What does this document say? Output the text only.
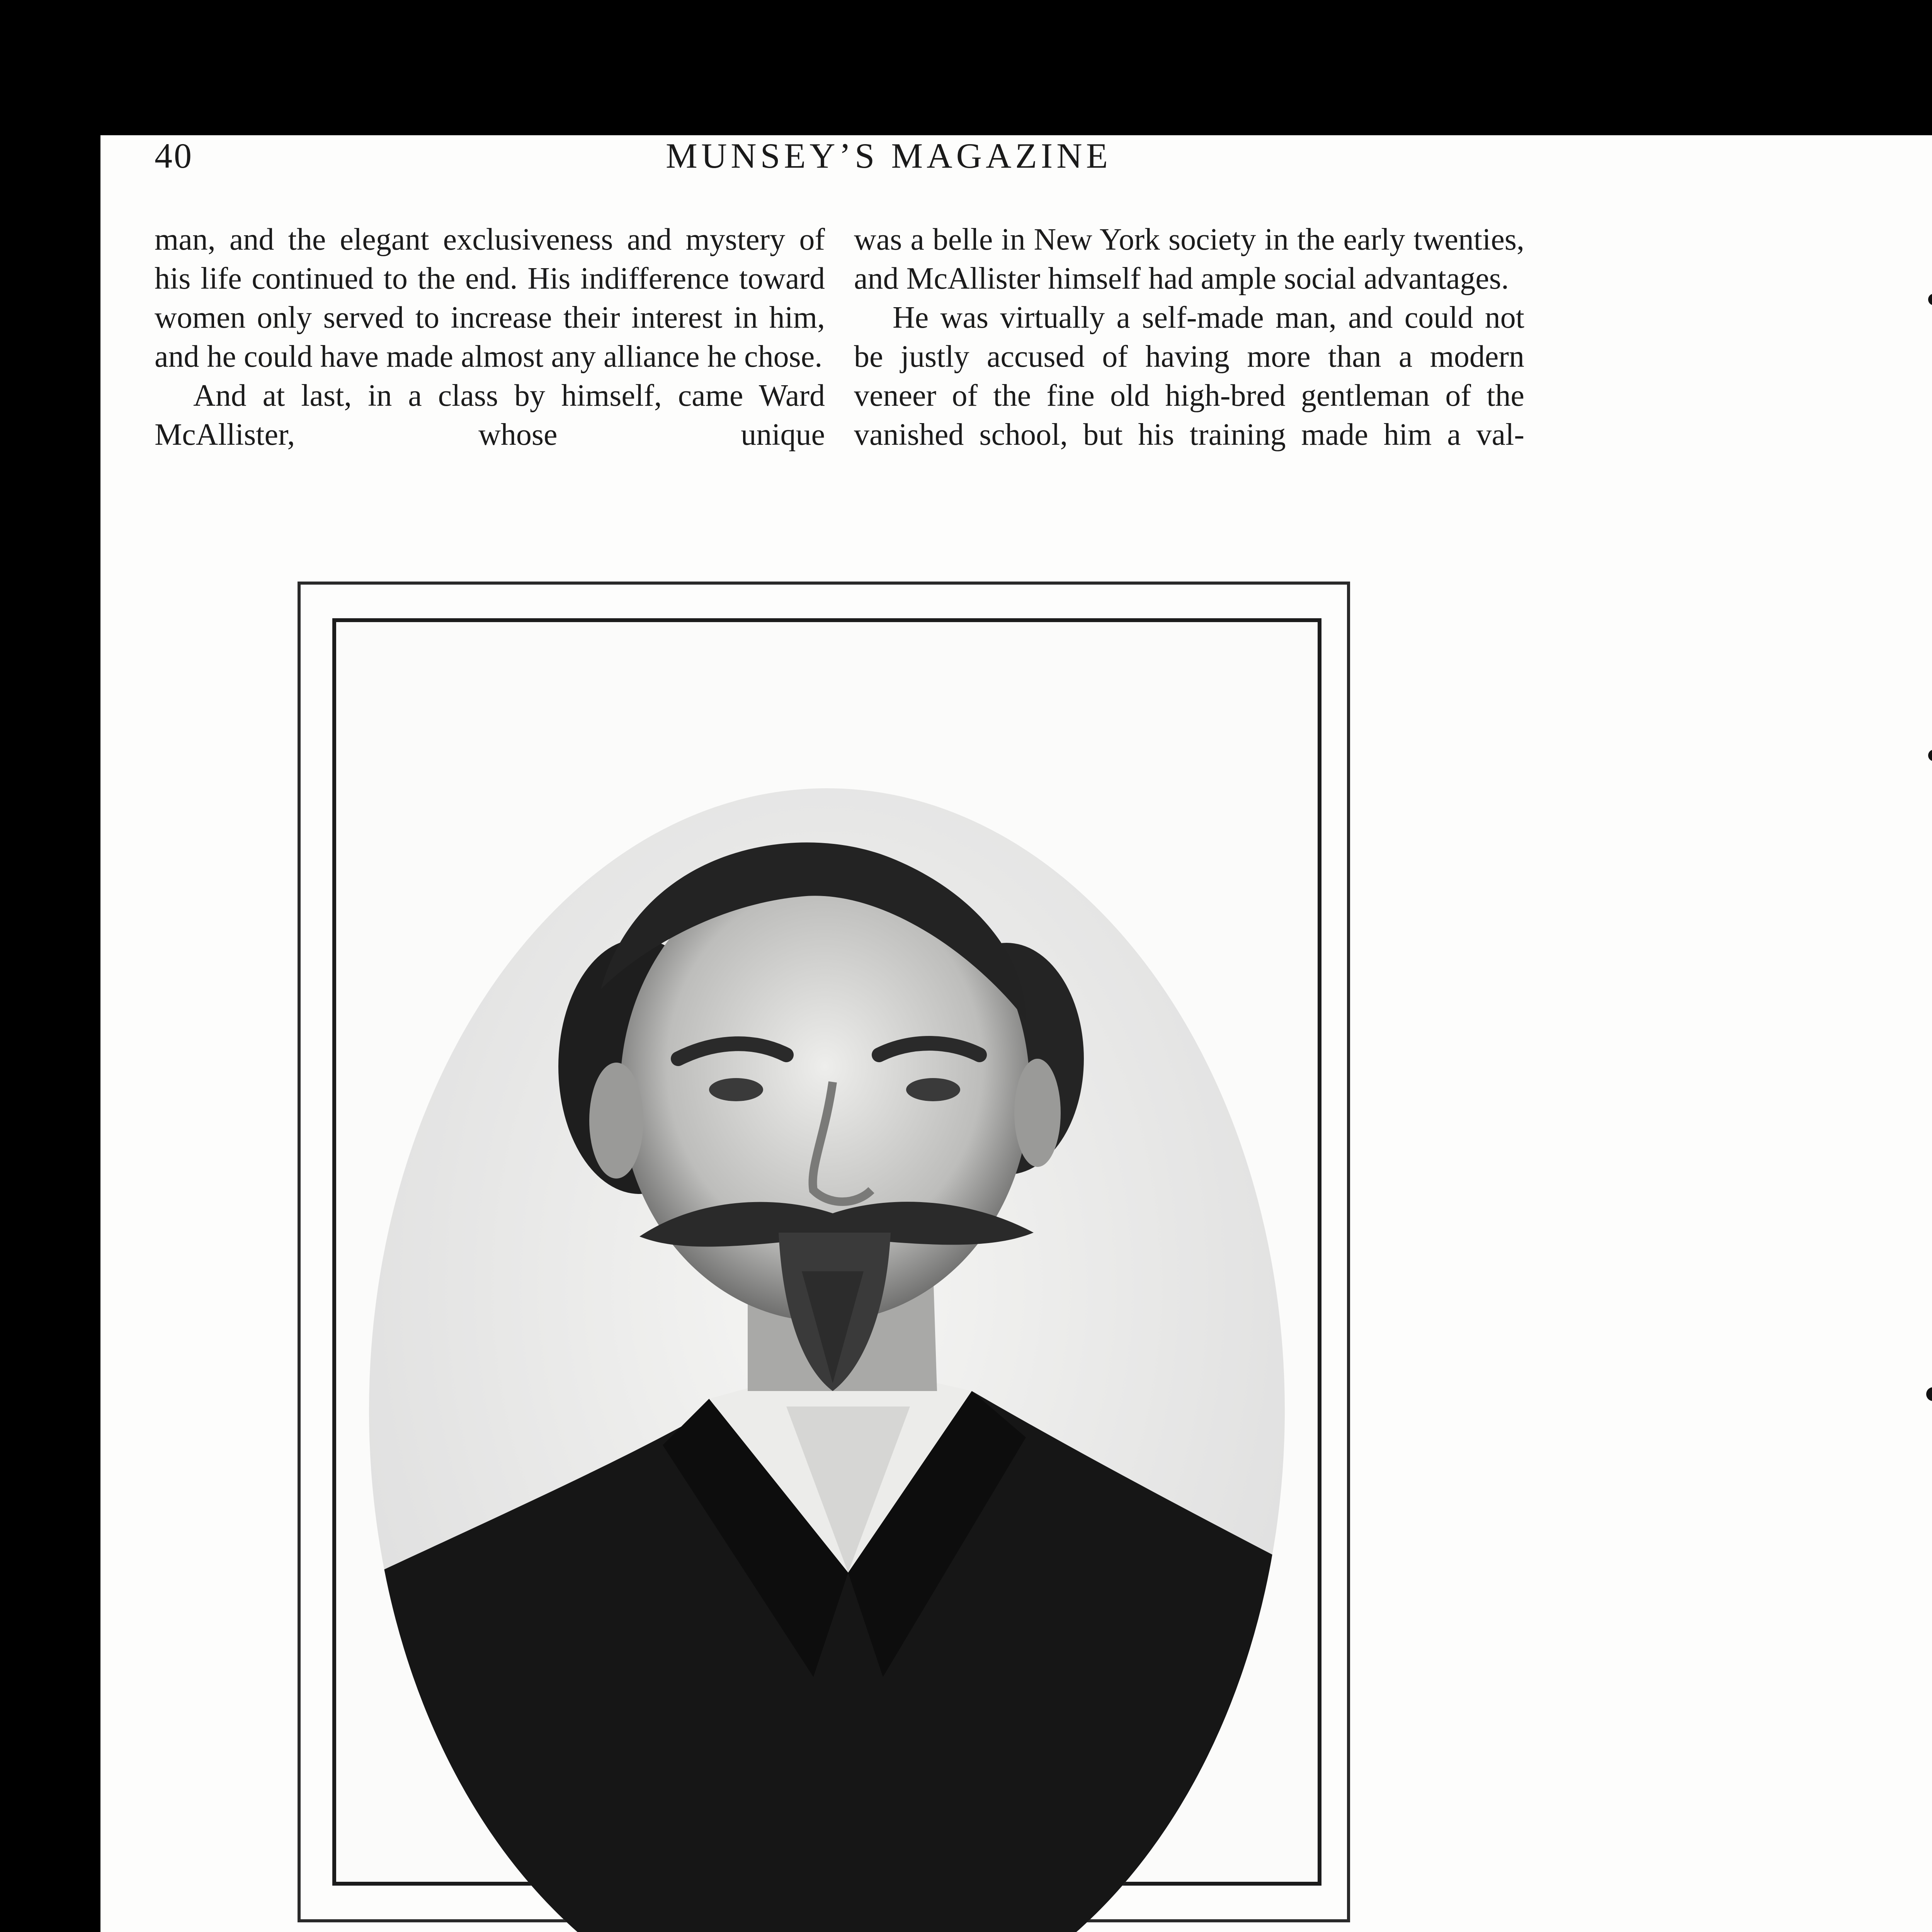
40	MUNSEY’S MAGAZINE

man, and the elegant exclusiveness and mystery of his life continued to the end. His indifference toward women only served to increase their interest in him, and he could have made almost any alliance he chose.

And at last, in a class by himself, came Ward McAllister, whose unique

was a belle in New York society in the early twenties, and McAllister himself had ample social advantages.

He was virtually a self-made man, and could not be justly accused of having more than a modern veneer of the fine old high-bred gentleman of the vanished school, but his training made him a val-
